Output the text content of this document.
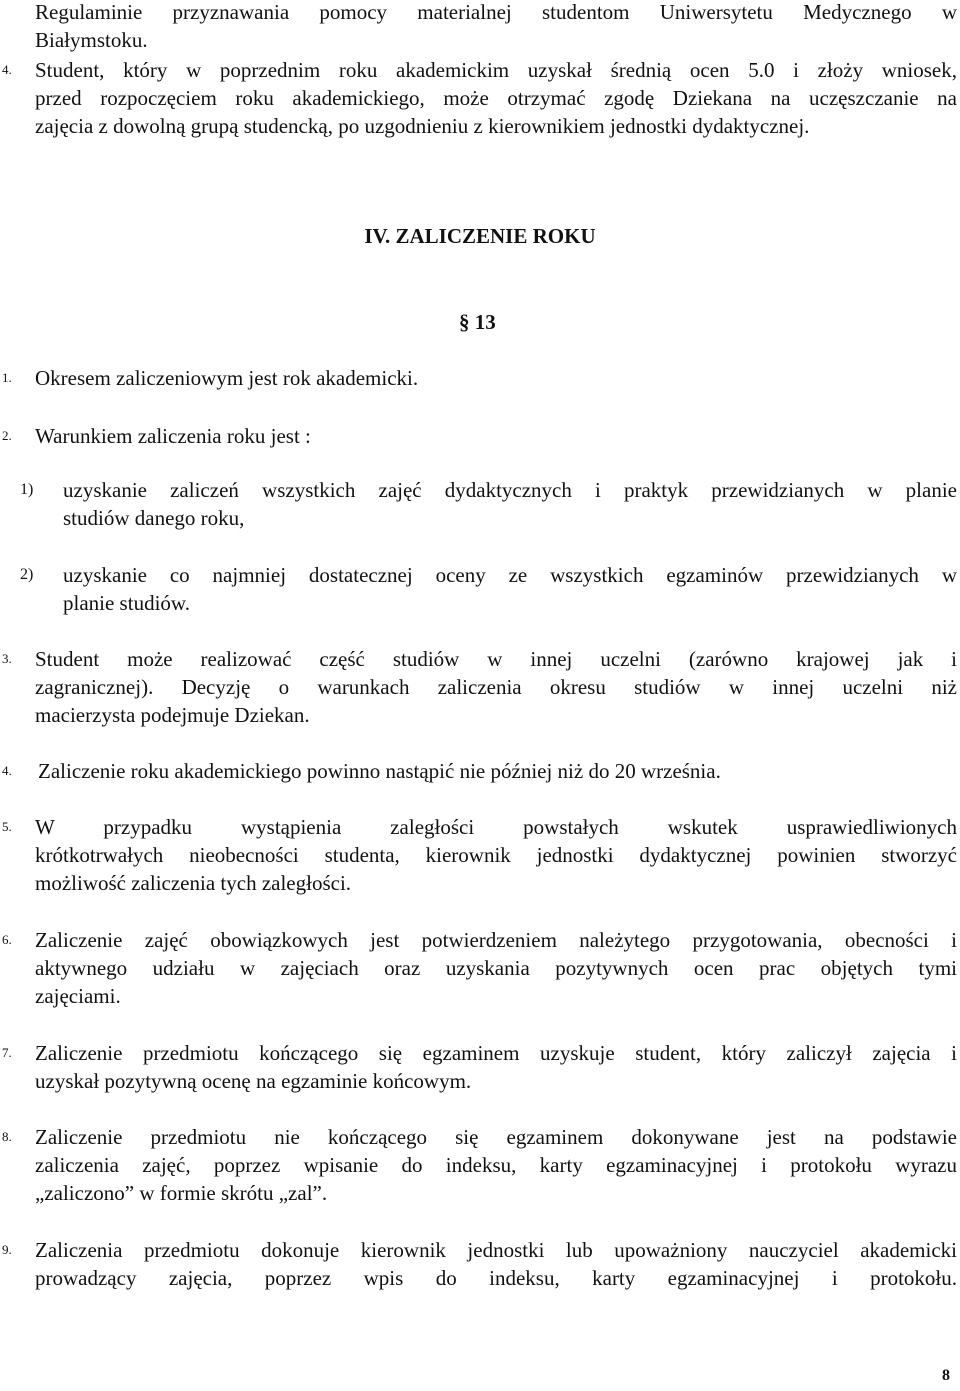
Regulaminie przyznawania pomocy materialnej studentom Uniwersytetu Medycznego w
Białymstoku.
4.	Student, który w poprzednim roku akademickim uzyskał średnią ocen 5.0 i złoży wniosek,
przed rozpoczęciem roku akademickiego, może otrzymać zgodę Dziekana na uczęszczanie na
zajęcia z dowolną grupą studencką, po uzgodnieniu z kierownikiem jednostki dydaktycznej.
IV. ZALICZENIE ROKU
§ 13
1.	Okresem zaliczeniowym jest rok akademicki.
2.	Warunkiem zaliczenia roku jest :
1)	uzyskanie zaliczeń wszystkich zajęć dydaktycznych i praktyk przewidzianych w planie
studiów danego roku,
2)	uzyskanie co najmniej dostatecznej oceny ze wszystkich egzaminów przewidzianych w
planie studiów.
3.	Student może realizować część studiów w innej uczelni (zarówno krajowej jak i
zagranicznej). Decyzję o warunkach zaliczenia okresu studiów w innej uczelni niż
macierzysta podejmuje Dziekan.
4.	Zaliczenie roku akademickiego powinno nastąpić nie później niż do 20 września.
5.	W przypadku wystąpienia zaległości powstałych wskutek usprawiedliwionych
krótkotrwałych nieobecności studenta, kierownik jednostki dydaktycznej powinien stworzyć
możliwość zaliczenia tych zaległości.
6.	Zaliczenie zajęć obowiązkowych jest potwierdzeniem należytego przygotowania, obecności i
aktywnego udziału w zajęciach oraz uzyskania pozytywnych ocen prac objętych tymi
zajęciami.
7.	Zaliczenie przedmiotu kończącego się egzaminem uzyskuje student, który zaliczył zajęcia i
uzyskał pozytywną ocenę na egzaminie końcowym.
8.	Zaliczenie przedmiotu nie kończącego się egzaminem dokonywane jest na podstawie
zaliczenia zajęć, poprzez wpisanie do indeksu, karty egzaminacyjnej i protokołu wyrazu
„zaliczono” w formie skrótu „zal”.
9.	Zaliczenia przedmiotu dokonuje kierownik jednostki lub upoważniony nauczyciel akademicki
prowadzący zajęcia, poprzez wpis do indeksu, karty egzaminacyjnej i protokołu.
8
